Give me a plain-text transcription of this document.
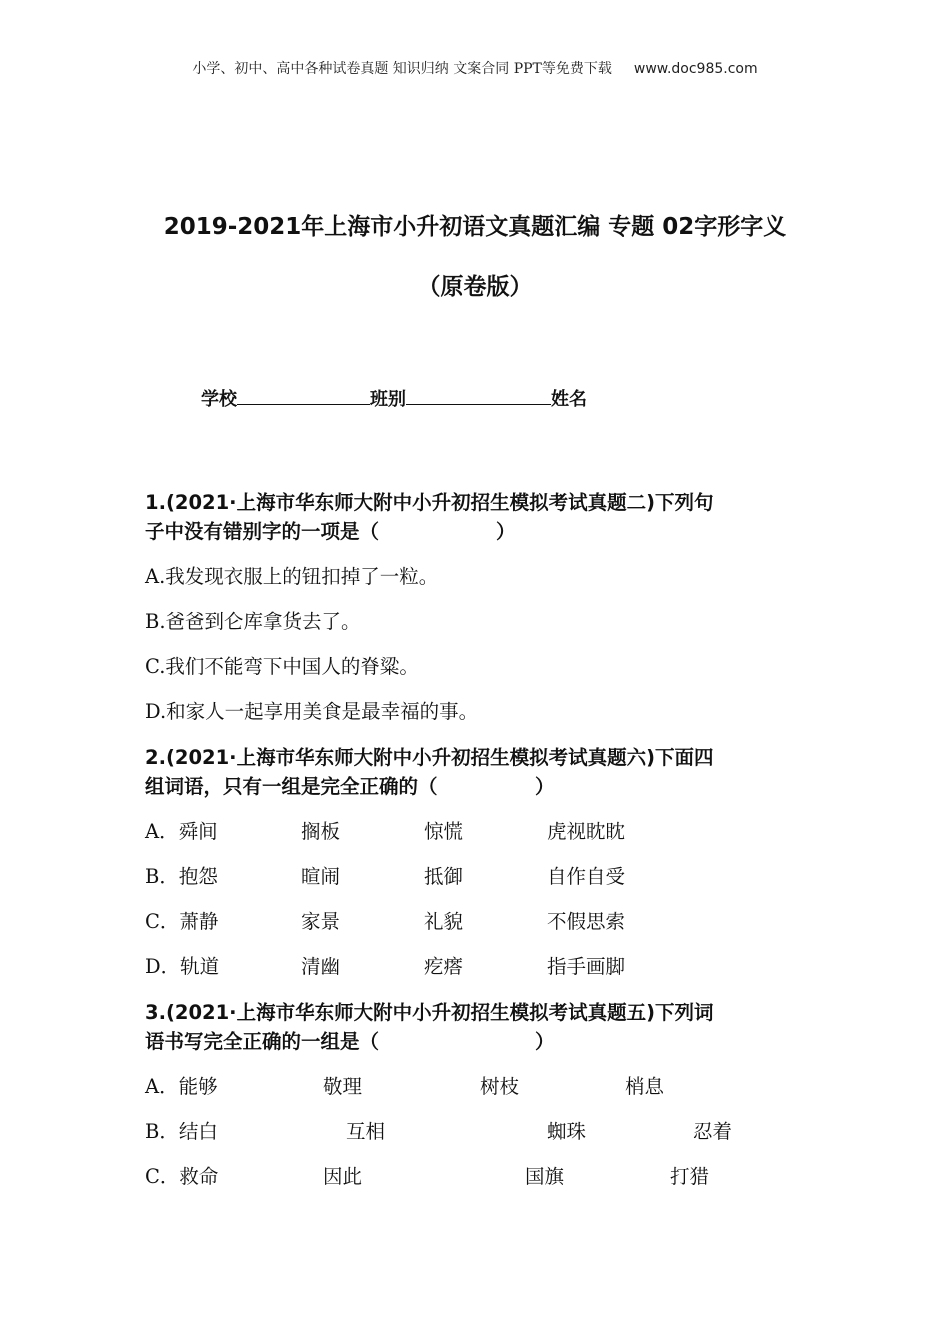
小学、初中、高中各种试卷真题 知识归纳 文案合同 PPT等免费下载 www.doc985.com
2019-2021年上海市小升初语文真题汇编 专题 02字形字义
（原卷版）
学校	班别	姓名
1.(2021·上海市华东师大附中小升初招生模拟考试真题二)下列句
子中没有错别字的一项是（　　　　　　）
A.我发现衣服上的钮扣掉了一粒。
B.爸爸到仑库拿货去了。
C.我们不能弯下中国人的脊粱。
D.和家人一起享用美食是最幸福的事。
2.(2021·上海市华东师大附中小升初招生模拟考试真题六)下面四
组词语，只有一组是完全正确的（　　　　　）
A．舜间	搁板	惊慌	虎视眈眈
B．抱怨	暄闹	抵御	自作自受
C．萧静	家景	礼貌	不假思索
D．轨道	清幽	疙瘩	指手画脚
3.(2021·上海市华东师大附中小升初招生模拟考试真题五)下列词
语书写完全正确的一组是（　　　　　　　　）
A．能够	敬理	树枝	梢息
B．结白	互相	蜘珠	忍着
C．救命	因此	国旗	打猎
